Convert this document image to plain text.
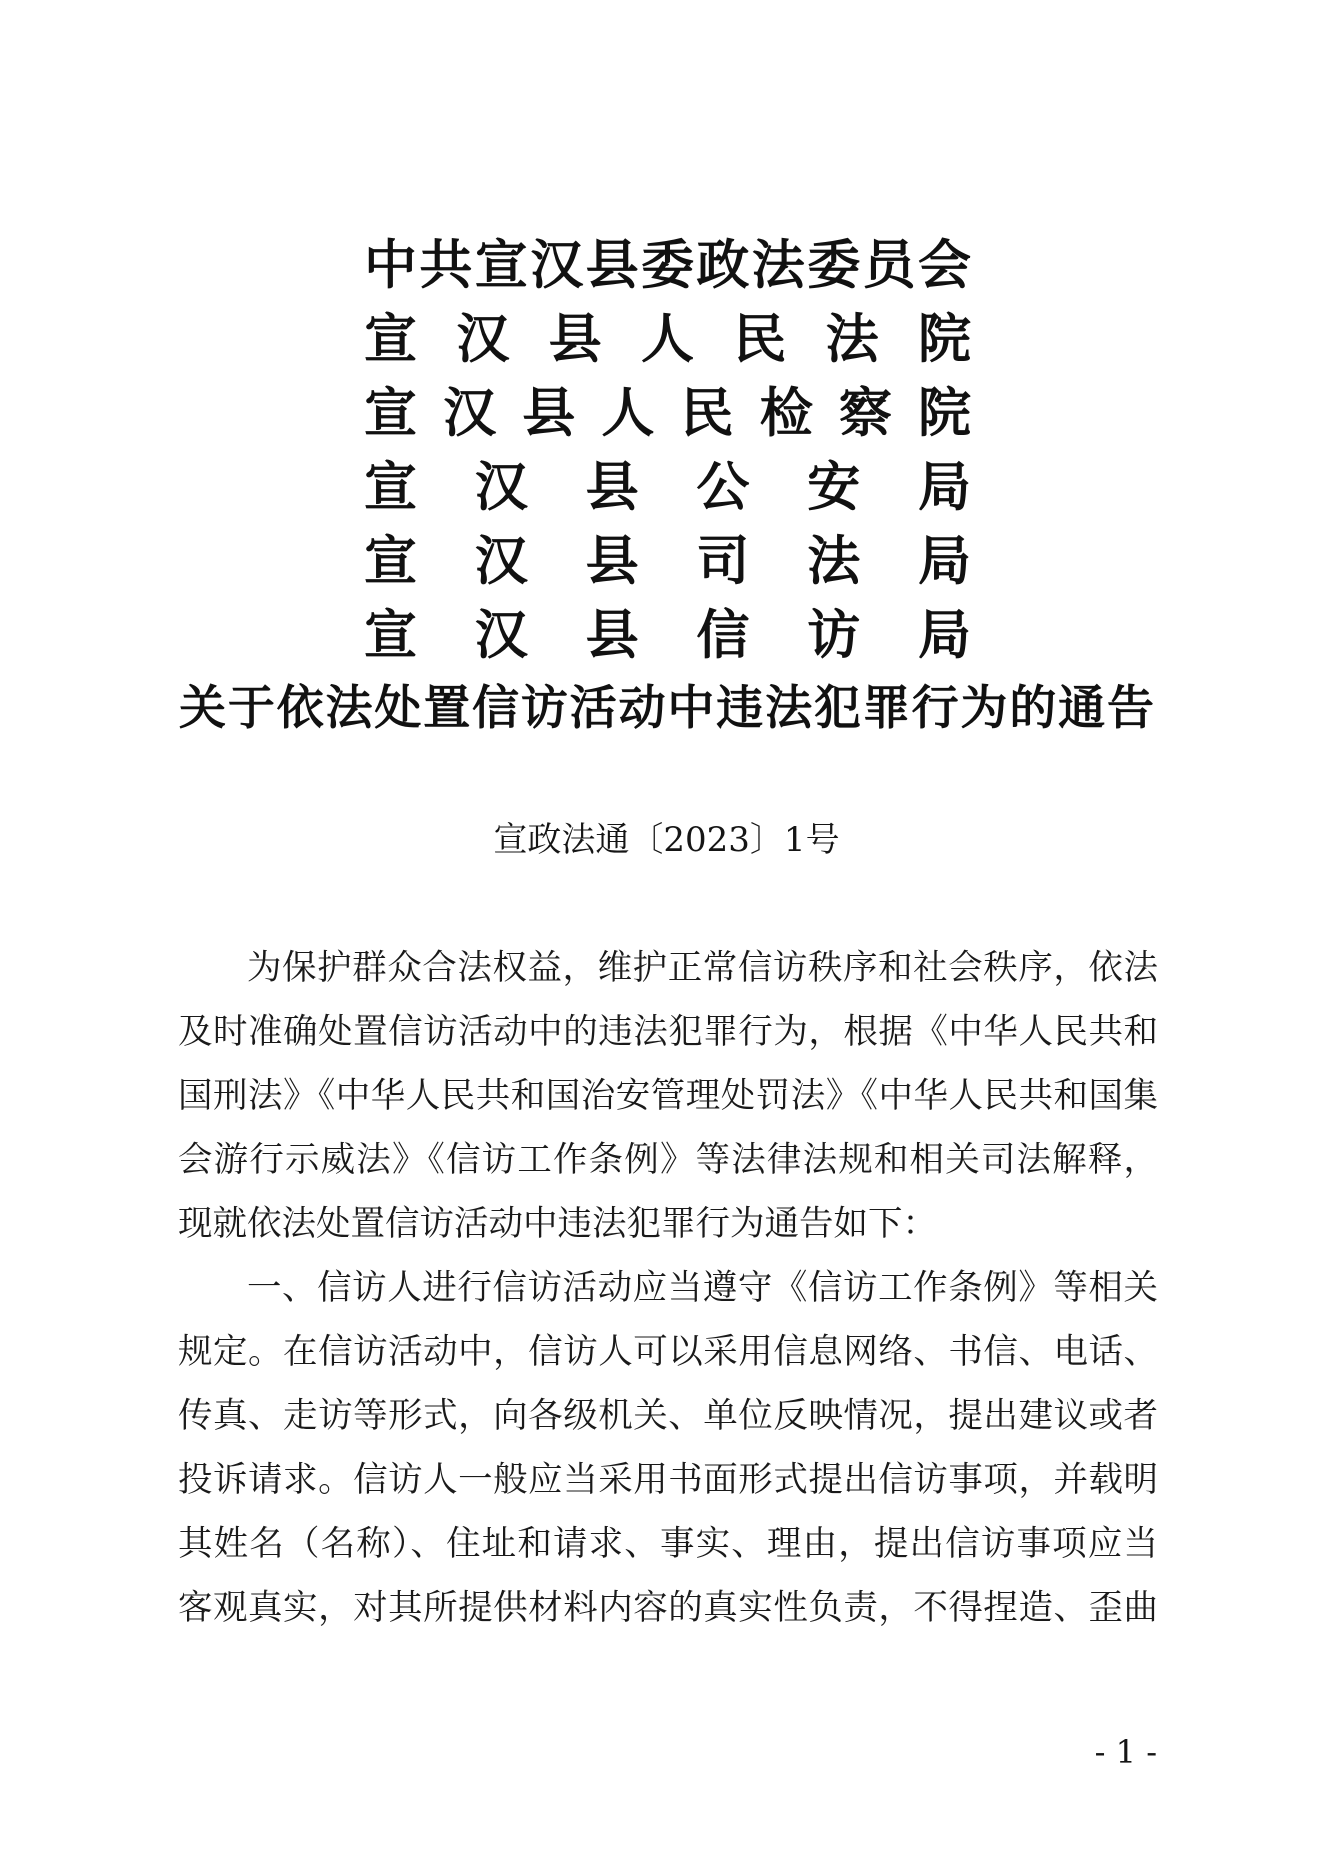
中共宣汉县委政法委员会
宣汉县人民法院
宣汉县人民检察院
宣汉县公安局
宣汉县司法局
宣汉县信访局
关于依法处置信访活动中违法犯罪行为的通告
宣政法通〔2023〕1号
为保护群众合法权益，维护正常信访秩序和社会秩序，依法
及时准确处置信访活动中的违法犯罪行为，根据《中华人民共和
国刑法》《中华人民共和国治安管理处罚法》《中华人民共和国集
会游行示威法》《信访工作条例》等法律法规和相关司法解释，
现就依法处置信访活动中违法犯罪行为通告如下：
一、信访人进行信访活动应当遵守《信访工作条例》等相关
规定。在信访活动中，信访人可以采用信息网络、书信、电话、
传真、走访等形式，向各级机关、单位反映情况，提出建议或者
投诉请求。信访人一般应当采用书面形式提出信访事项，并载明
其姓名（名称）、住址和请求、事实、理由，提出信访事项应当
客观真实，对其所提供材料内容的真实性负责，不得捏造、歪曲
- 1 -
